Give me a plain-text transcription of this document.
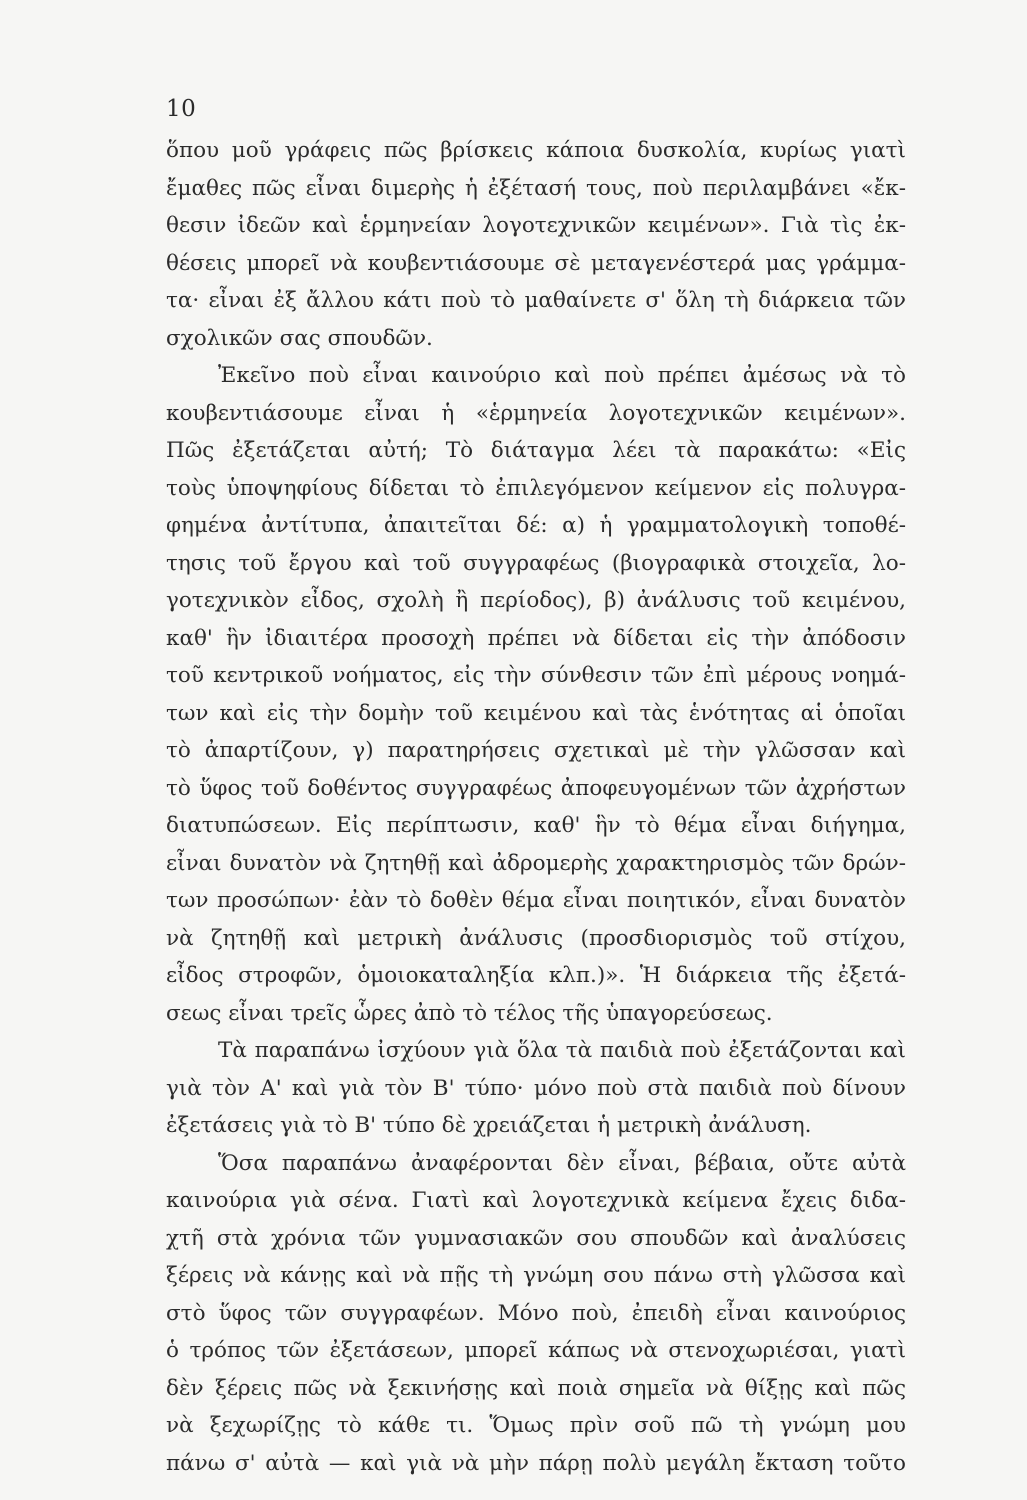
10
ὅπου μοῦ γράφεις πῶς βρίσκεις κάποια δυσκολία, κυρίως γιατὶ
ἔμαθες πῶς εἶναι διμερὴς ἡ ἐξέτασή τους, ποὺ περιλαμβάνει «ἔκ-
θεσιν ἰδεῶν καὶ ἑρμηνείαν λογοτεχνικῶν κειμένων». Γιὰ τὶς ἐκ-
θέσεις μπορεῖ νὰ κουβεντιάσουμε σὲ μεταγενέστερά μας γράμμα-
τα· εἶναι ἐξ ἄλλου κάτι ποὺ τὸ μαθαίνετε σ' ὅλη τὴ διάρκεια τῶν
σχολικῶν σας σπουδῶν.
Ἐκεῖνο ποὺ εἶναι καινούριο καὶ ποὺ πρέπει ἀμέσως νὰ τὸ
κουβεντιάσουμε εἶναι ἡ «ἑρμηνεία λογοτεχνικῶν κειμένων».
Πῶς ἐξετάζεται αὐτή; Τὸ διάταγμα λέει τὰ παρακάτω: «Εἰς
τοὺς ὑποψηφίους δίδεται τὸ ἐπιλεγόμενον κείμενον εἰς πολυγρα-
φημένα ἀντίτυπα, ἀπαιτεῖται δέ: α) ἡ γραμματολογικὴ τοποθέ-
τησις τοῦ ἔργου καὶ τοῦ συγγραφέως (βιογραφικὰ στοιχεῖα, λο-
γοτεχνικὸν εἶδος, σχολὴ ἢ περίοδος), β) ἀνάλυσις τοῦ κειμένου,
καθ' ἣν ἰδιαιτέρα προσοχὴ πρέπει νὰ δίδεται εἰς τὴν ἀπόδοσιν
τοῦ κεντρικοῦ νοήματος, εἰς τὴν σύνθεσιν τῶν ἐπὶ μέρους νοημά-
των καὶ εἰς τὴν δομὴν τοῦ κειμένου καὶ τὰς ἑνότητας αἱ ὁποῖαι
τὸ ἀπαρτίζουν, γ) παρατηρήσεις σχετικαὶ μὲ τὴν γλῶσσαν καὶ
τὸ ὕφος τοῦ δοθέντος συγγραφέως ἀποφευγομένων τῶν ἀχρήστων
διατυπώσεων. Εἰς περίπτωσιν, καθ' ἣν τὸ θέμα εἶναι διήγημα,
εἶναι δυνατὸν νὰ ζητηθῇ καὶ ἀδρομερὴς χαρακτηρισμὸς τῶν δρών-
των προσώπων· ἐὰν τὸ δοθὲν θέμα εἶναι ποιητικόν, εἶναι δυνατὸν
νὰ ζητηθῇ καὶ μετρικὴ ἀνάλυσις (προσδιορισμὸς τοῦ στίχου,
εἶδος στροφῶν, ὁμοιοκαταληξία κλπ.)». Ἡ διάρκεια τῆς ἐξετά-
σεως εἶναι τρεῖς ὧρες ἀπὸ τὸ τέλος τῆς ὑπαγορεύσεως.
Τὰ παραπάνω ἰσχύουν γιὰ ὅλα τὰ παιδιὰ ποὺ ἐξετάζονται καὶ
γιὰ τὸν Α' καὶ γιὰ τὸν Β' τύπο· μόνο ποὺ στὰ παιδιὰ ποὺ δίνουν
ἐξετάσεις γιὰ τὸ Β' τύπο δὲ χρειάζεται ἡ μετρικὴ ἀνάλυση.
Ὅσα παραπάνω ἀναφέρονται δὲν εἶναι, βέβαια, οὔτε αὐτὰ
καινούρια γιὰ σένα. Γιατὶ καὶ λογοτεχνικὰ κείμενα ἔχεις διδα-
χτῆ στὰ χρόνια τῶν γυμνασιακῶν σου σπουδῶν καὶ ἀναλύσεις
ξέρεις νὰ κάνῃς καὶ νὰ πῇς τὴ γνώμη σου πάνω στὴ γλῶσσα καὶ
στὸ ὕφος τῶν συγγραφέων. Μόνο ποὺ, ἐπειδὴ εἶναι καινούριος
ὁ τρόπος τῶν ἐξετάσεων, μπορεῖ κάπως νὰ στενοχωριέσαι, γιατὶ
δὲν ξέρεις πῶς νὰ ξεκινήσῃς καὶ ποιὰ σημεῖα νὰ θίξῃς καὶ πῶς
νὰ ξεχωρίζῃς τὸ κάθε τι. Ὅμως πρὶν σοῦ πῶ τὴ γνώμη μου
πάνω σ' αὐτὰ — καὶ γιὰ νὰ μὴν πάρῃ πολὺ μεγάλη ἔκταση τοῦτο
